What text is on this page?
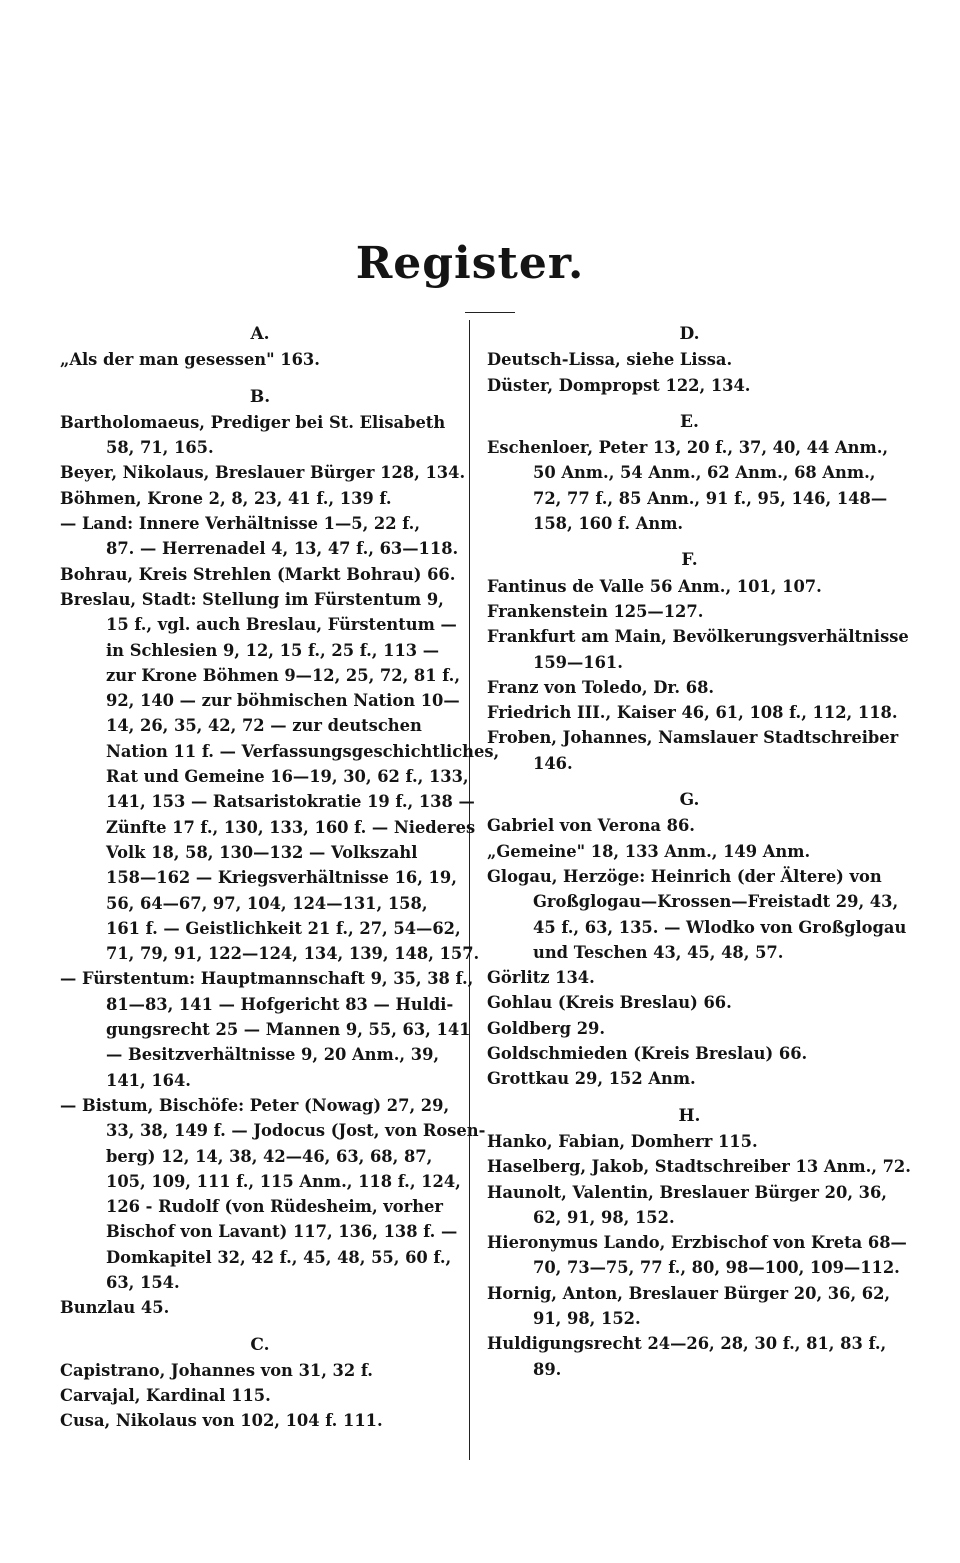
Register.
A.
„Als der man gesessen" 163.
B.
Bartholomaeus, Prediger bei St. Elisabeth
58, 71, 165.
Beyer, Nikolaus, Breslauer Bürger 128, 134.
Böhmen, Krone 2, 8, 23, 41 f., 139 f.
— Land: Innere Verhältnisse 1—5, 22 f.,
87. — Herrenadel 4, 13, 47 f., 63—118.
Bohrau, Kreis Strehlen (Markt Bohrau) 66.
Breslau, Stadt: Stellung im Fürstentum 9,
15 f., vgl. auch Breslau, Fürstentum —
in Schlesien 9, 12, 15 f., 25 f., 113 —
zur Krone Böhmen 9—12, 25, 72, 81 f.,
92, 140 — zur böhmischen Nation 10—
14, 26, 35, 42, 72 — zur deutschen
Nation 11 f. — Verfassungsgeschichtliches,
Rat und Gemeine 16—19, 30, 62 f., 133,
141, 153 — Ratsaristokratie 19 f., 138 —
Zünfte 17 f., 130, 133, 160 f. — Niederes
Volk 18, 58, 130—132 — Volkszahl
158—162 — Kriegsverhältnisse 16, 19,
56, 64—67, 97, 104, 124—131, 158,
161 f. — Geistlichkeit 21 f., 27, 54—62,
71, 79, 91, 122—124, 134, 139, 148, 157.
— Fürstentum: Hauptmannschaft 9, 35, 38 f.,
81—83, 141 — Hofgericht 83 — Huldi-
gungsrecht 25 — Mannen 9, 55, 63, 141
— Besitzverhältnisse 9, 20 Anm., 39,
141, 164.
— Bistum, Bischöfe: Peter (Nowag) 27, 29,
33, 38, 149 f. — Jodocus (Jost, von Rosen-
berg) 12, 14, 38, 42—46, 63, 68, 87,
105, 109, 111 f., 115 Anm., 118 f., 124,
126 - Rudolf (von Rüdesheim, vorher
Bischof von Lavant) 117, 136, 138 f. —
Domkapitel 32, 42 f., 45, 48, 55, 60 f.,
63, 154.
Bunzlau 45.
C.
Capistrano, Johannes von 31, 32 f.
Carvajal, Kardinal 115.
Cusa, Nikolaus von 102, 104 f. 111.
D.
Deutsch-Lissa, siehe Lissa.
Düster, Dompropst 122, 134.
E.
Eschenloer, Peter 13, 20 f., 37, 40, 44 Anm.,
50 Anm., 54 Anm., 62 Anm., 68 Anm.,
72, 77 f., 85 Anm., 91 f., 95, 146, 148—
158, 160 f. Anm.
F.
Fantinus de Valle 56 Anm., 101, 107.
Frankenstein 125—127.
Frankfurt am Main, Bevölkerungsverhältnisse
159—161.
Franz von Toledo, Dr. 68.
Friedrich III., Kaiser 46, 61, 108 f., 112, 118.
Froben, Johannes, Namslauer Stadtschreiber
146.
G.
Gabriel von Verona 86.
„Gemeine" 18, 133 Anm., 149 Anm.
Glogau, Herzöge: Heinrich (der Ältere) von
Großglogau—Krossen—Freistadt 29, 43,
45 f., 63, 135. — Wlodko von Großglogau
und Teschen 43, 45, 48, 57.
Görlitz 134.
Gohlau (Kreis Breslau) 66.
Goldberg 29.
Goldschmieden (Kreis Breslau) 66.
Grottkau 29, 152 Anm.
H.
Hanko, Fabian, Domherr 115.
Haselberg, Jakob, Stadtschreiber 13 Anm., 72.
Haunolt, Valentin, Breslauer Bürger 20, 36,
62, 91, 98, 152.
Hieronymus Lando, Erzbischof von Kreta 68—
70, 73—75, 77 f., 80, 98—100, 109—112.
Hornig, Anton, Breslauer Bürger 20, 36, 62,
91, 98, 152.
Huldigungsrecht 24—26, 28, 30 f., 81, 83 f.,
89.
